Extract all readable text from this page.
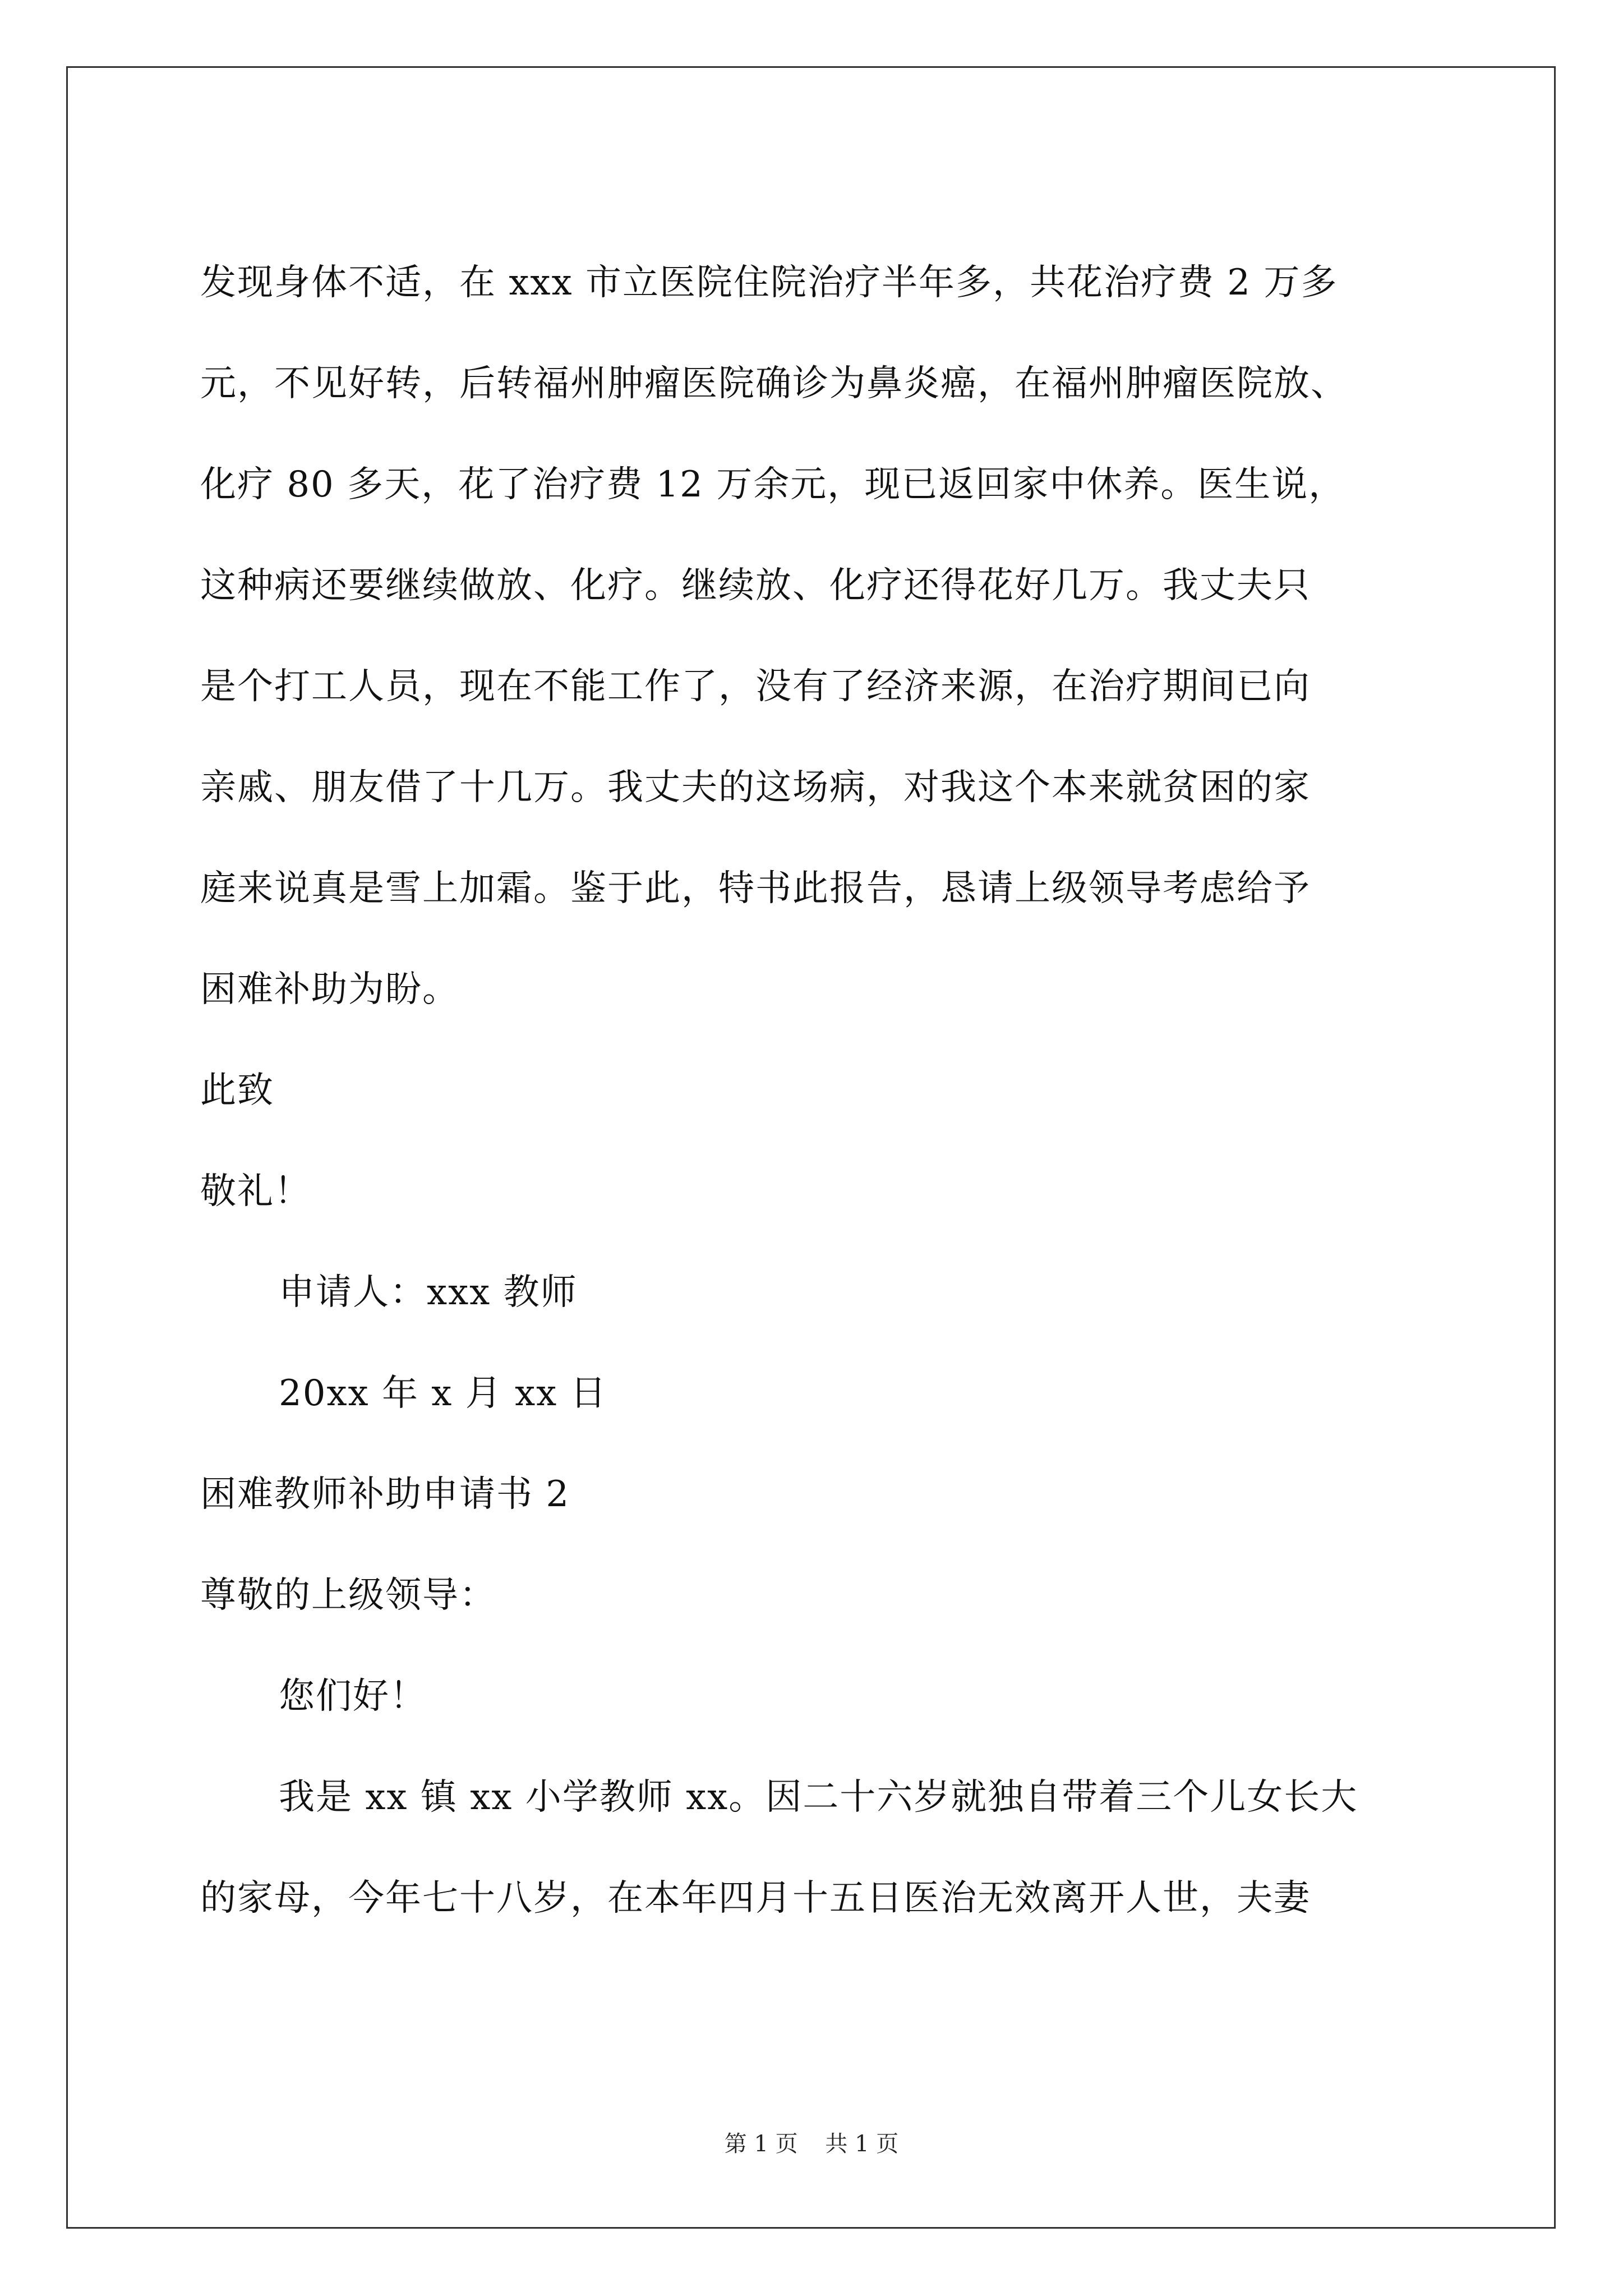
发现身体不适，在 xxx 市立医院住院治疗半年多，共花治疗费 2 万多
元，不见好转，后转福州肿瘤医院确诊为鼻炎癌，在福州肿瘤医院放、
化疗 80 多天，花了治疗费 12 万余元，现已返回家中休养。医生说，
这种病还要继续做放、化疗。继续放、化疗还得花好几万。我丈夫只
是个打工人员，现在不能工作了，没有了经济来源，在治疗期间已向
亲戚、朋友借了十几万。我丈夫的这场病，对我这个本来就贫困的家
庭来说真是雪上加霜。鉴于此，特书此报告，恳请上级领导考虑给予
困难补助为盼。
此致
敬礼！
申请人：xxx 教师
20xx 年 x 月 xx 日
困难教师补助申请书 2
尊敬的上级领导：
您们好！
我是 xx 镇 xx 小学教师 xx。因二十六岁就独自带着三个儿女长大
的家母，今年七十八岁，在本年四月十五日医治无效离开人世，夫妻
第 1 页 共 1 页
